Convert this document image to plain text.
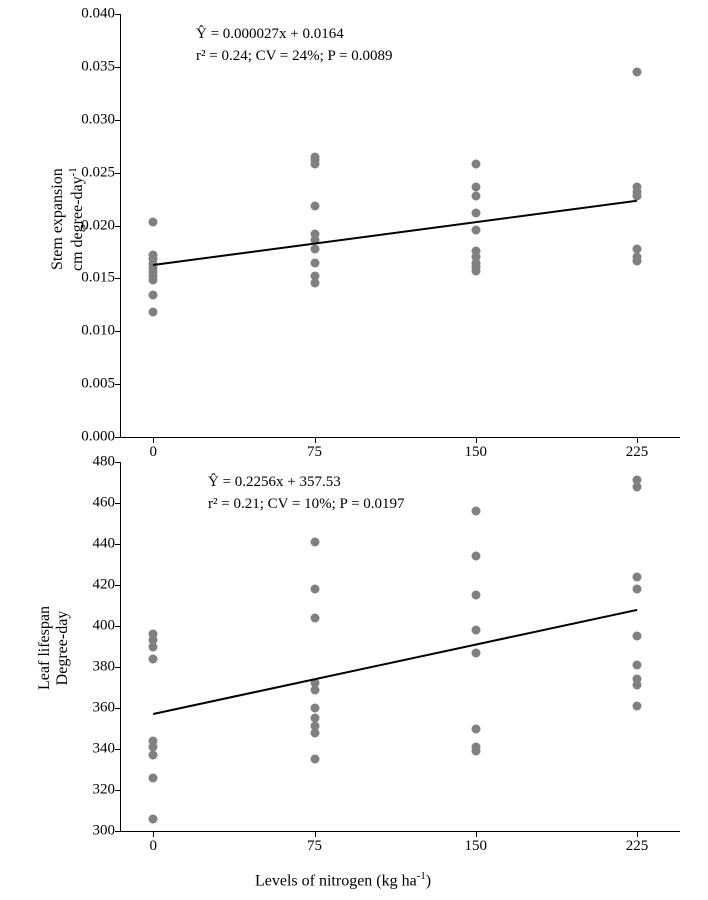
0.000
0.005
0.010
0.015
0.020
0.025
0.030
0.035
0.040
0	75	150	225
Ŷ = 0.000027x + 0.0164
r² = 0.24; CV = 24%; P = 0.0089
Stem expansion cm degree-day$^{-1}$
300
320
340
360
380
400
420
440
460
480
0	75	150	225
Ŷ = 0.2256x + 357.53
r² = 0.21; CV = 10%; P = 0.0197
Leaf lifespan Degree-day
Levels of nitrogen (kg $ha^{-1}$)
